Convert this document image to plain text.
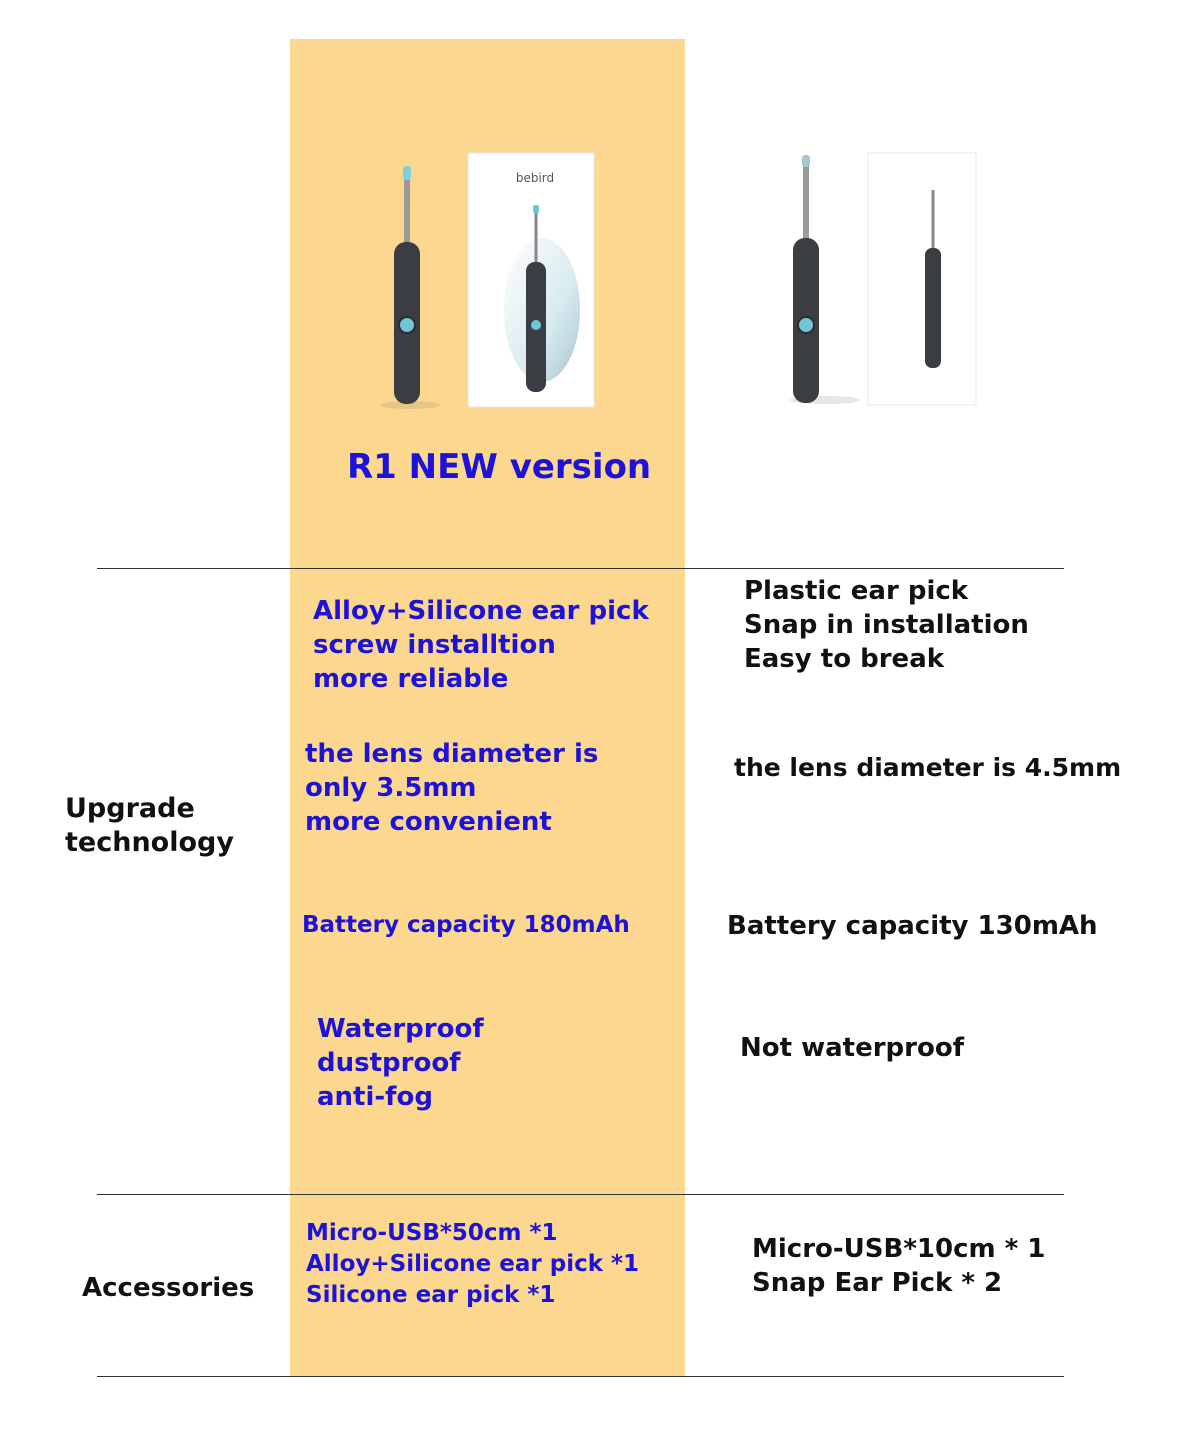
bebird
R1 NEW version
Upgrade
technology
Accessories
Alloy+Silicone ear pick
screw installtion
more reliable
the lens diameter is
only 3.5mm
more convenient
Battery capacity 180mAh
Waterproof
dustproof
anti-fog
Micro-USB*50cm *1
Alloy+Silicone ear pick *1
Silicone ear pick *1
Plastic ear pick
Snap in installation
Easy to break
the lens diameter is 4.5mm
Battery capacity 130mAh
Not waterproof
Micro-USB*10cm * 1
Snap Ear Pick * 2
